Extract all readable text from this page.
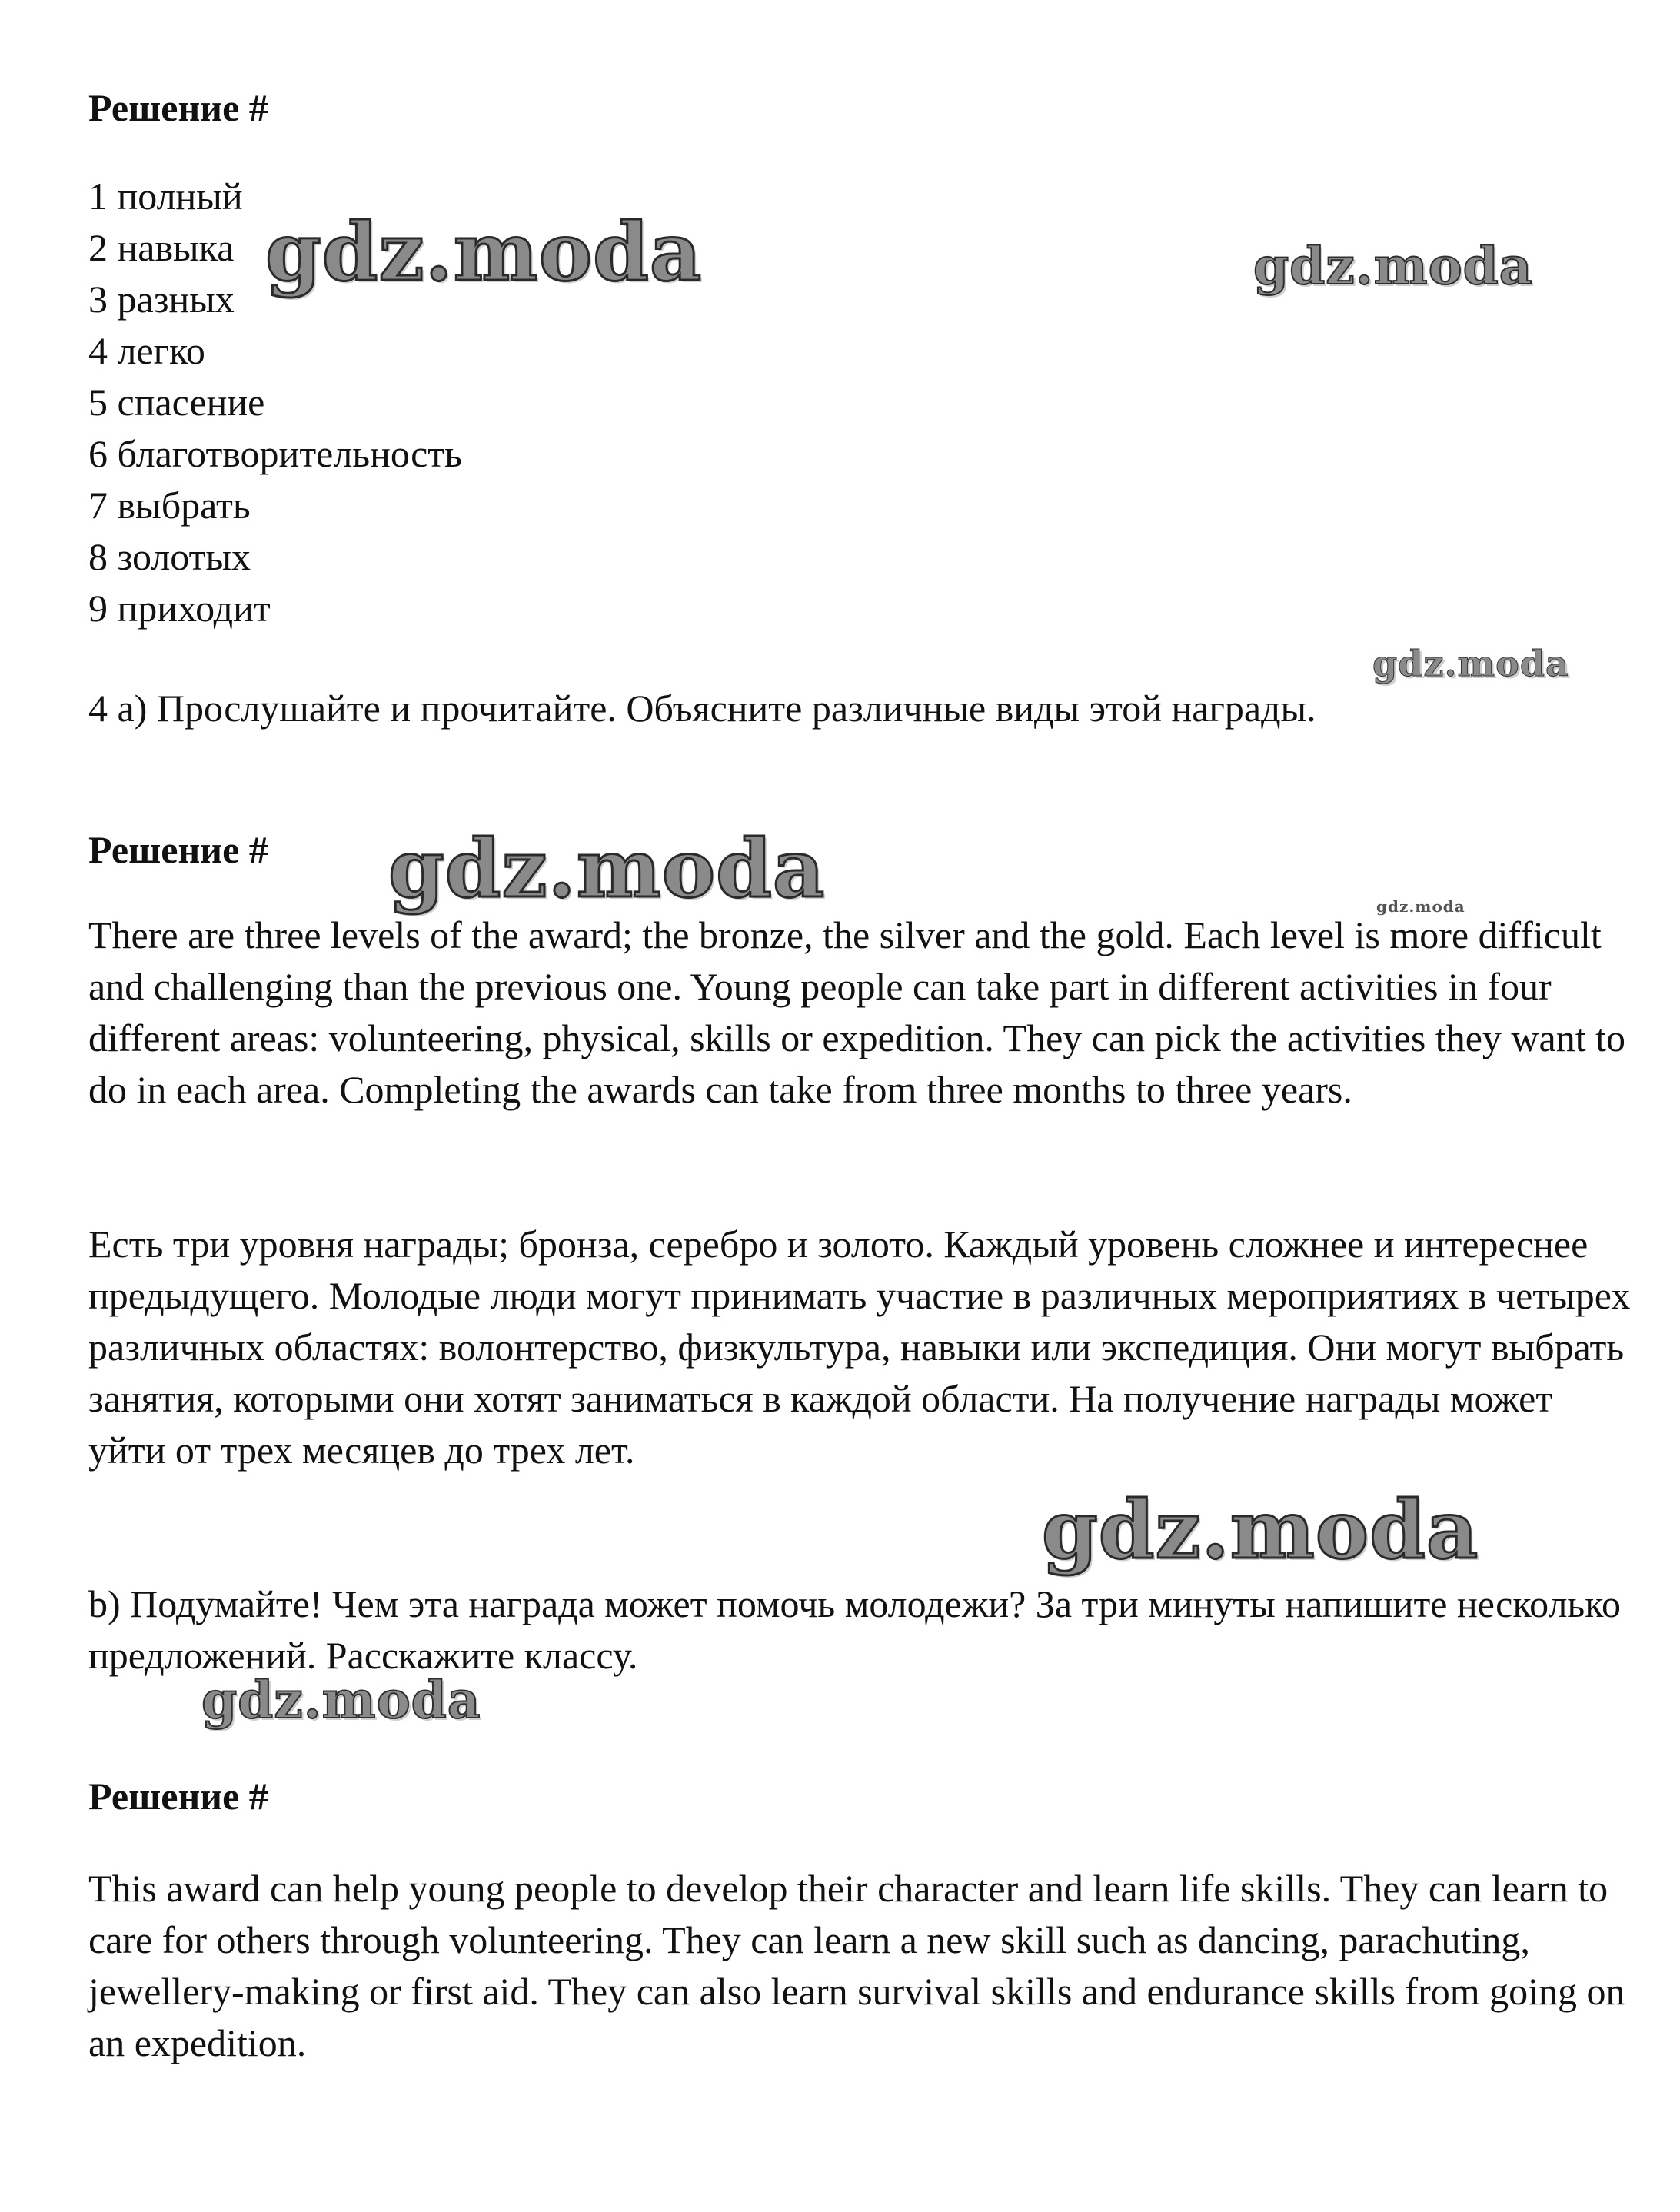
Решение #
1 полный
2 навыка
3 разных
4 легко
5 спасение
6 благотворительность
7 выбрать
8 золотых
9 приходит

4 a) Прослушайте и прочитайте. Объясните различные виды этой награды.

Решение #

There are three levels of the award; the bronze, the silver and the gold. Each level is more difficult and challenging than the previous one. Young people can take part in different activities in four different areas: volunteering, physical, skills or expedition. They can pick the activities they want to do in each area. Completing the awards can take from three months to three years.

Есть три уровня награды; бронза, серебро и золото. Каждый уровень сложнее и интереснее предыдущего. Молодые люди могут принимать участие в различных мероприятиях в четырех различных областях: волонтерство, физкультура, навыки или экспедиция. Они могут выбрать занятия, которыми они хотят заниматься в каждой области. На получение награды может уйти от трех месяцев до трех лет.

b) Подумайте! Чем эта награда может помочь молодежи? За три минуты напишите несколько предложений. Расскажите классу.

Решение #

This award can help young people to develop their character and learn life skills. They can learn to care for others through volunteering. They can learn a new skill such as dancing, parachuting, jewellery-making or first aid. They can also learn survival skills and endurance skills from going on an expedition.

gdz.moda	gdz.moda
gdz.moda
gdz.moda	gdz.moda
gdz.moda
gdz.moda
